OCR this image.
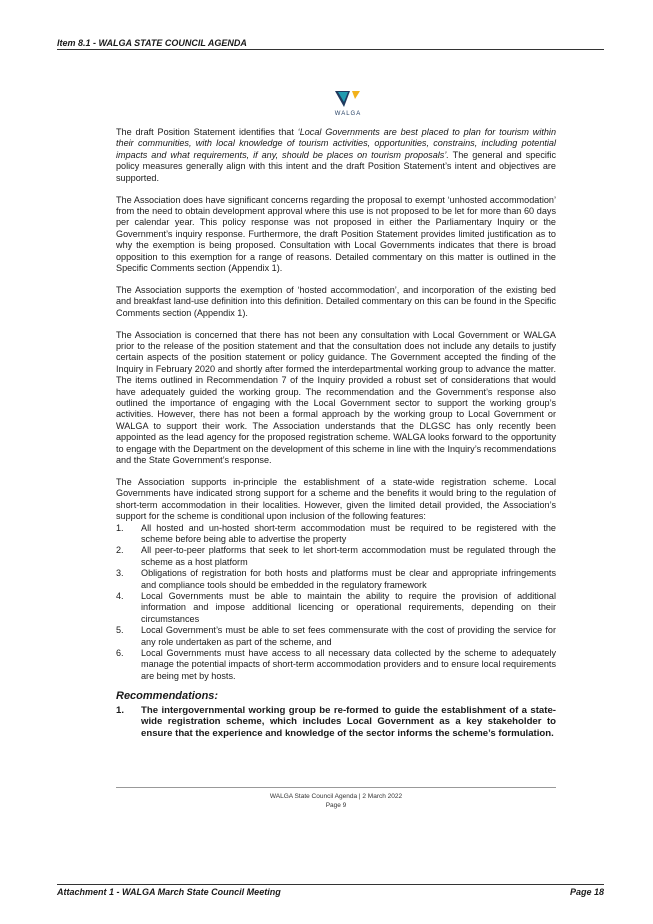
Item 8.1 - WALGA STATE COUNCIL AGENDA
WALGA

The draft Position Statement identifies that ‘Local Governments are best placed to plan for tourism within their communities, with local knowledge of tourism activities, opportunities, constrains, including potential impacts and what requirements, if any, should be places on tourism proposals’. The general and specific policy measures generally align with this intent and the draft Position Statement’s intent and objectives are supported.

The Association does have significant concerns regarding the proposal to exempt ‘unhosted accommodation’ from the need to obtain development approval where this use is not proposed to be let for more than 60 days per calendar year. This policy response was not proposed in either the Parliamentary Inquiry or the Government’s inquiry response. Furthermore, the draft Position Statement provides limited justification as to why the exemption is being proposed. Consultation with Local Governments indicates that there is broad opposition to this exemption for a range of reasons. Detailed commentary on this matter is outlined in the Specific Comments section (Appendix 1).

The Association supports the exemption of ‘hosted accommodation’, and incorporation of the existing bed and breakfast land-use definition into this definition. Detailed commentary on this can be found in the Specific Comments section (Appendix 1).

The Association is concerned that there has not been any consultation with Local Government or WALGA prior to the release of the position statement and that the consultation does not include any details to justify certain aspects of the position statement or policy guidance. The Government accepted the finding of the Inquiry in February 2020 and shortly after formed the interdepartmental working group to advance the matter. The items outlined in Recommendation 7 of the Inquiry provided a robust set of considerations that would have adequately guided the working group. The recommendation and the Government’s response also outlined the importance of engaging with the Local Government sector to support the working group’s activities. However, there has not been a formal approach by the working group to Local Government or WALGA to support their work. The Association understands that the DLGSC has only recently been appointed as the lead agency for the proposed registration scheme. WALGA looks forward to the opportunity to engage with the Department on the development of this scheme in line with the Inquiry’s recommendations and the State Government’s response.

The Association supports in-principle the establishment of a state-wide registration scheme. Local Governments have indicated strong support for a scheme and the benefits it would bring to the regulation of short-term accommodation in their localities. However, given the limited detail provided, the Association’s support for the scheme is conditional upon inclusion of the following features:

1.	All hosted and un-hosted short-term accommodation must be required to be registered with the scheme before being able to advertise the property
2.	All peer-to-peer platforms that seek to let short-term accommodation must be regulated through the scheme as a host platform
3.	Obligations of registration for both hosts and platforms must be clear and appropriate infringements and compliance tools should be embedded in the regulatory framework
4.	Local Governments must be able to maintain the ability to require the provision of additional information and impose additional licencing or operational requirements, depending on their circumstances
5.	Local Government’s must be able to set fees commensurate with the cost of providing the service for any role undertaken as part of the scheme, and
6.	Local Governments must have access to all necessary data collected by the scheme to adequately manage the potential impacts of short-term accommodation providers and to ensure local requirements are being met by hosts.
Recommendations:
1.	The intergovernmental working group be re-formed to guide the establishment of a state-wide registration scheme, which includes Local Government as a key stakeholder to ensure that the experience and knowledge of the sector informs the scheme’s formulation.
WALGA State Council Agenda | 2 March 2022
Page 9
Attachment 1 - WALGA March State Council Meeting	Page 18
